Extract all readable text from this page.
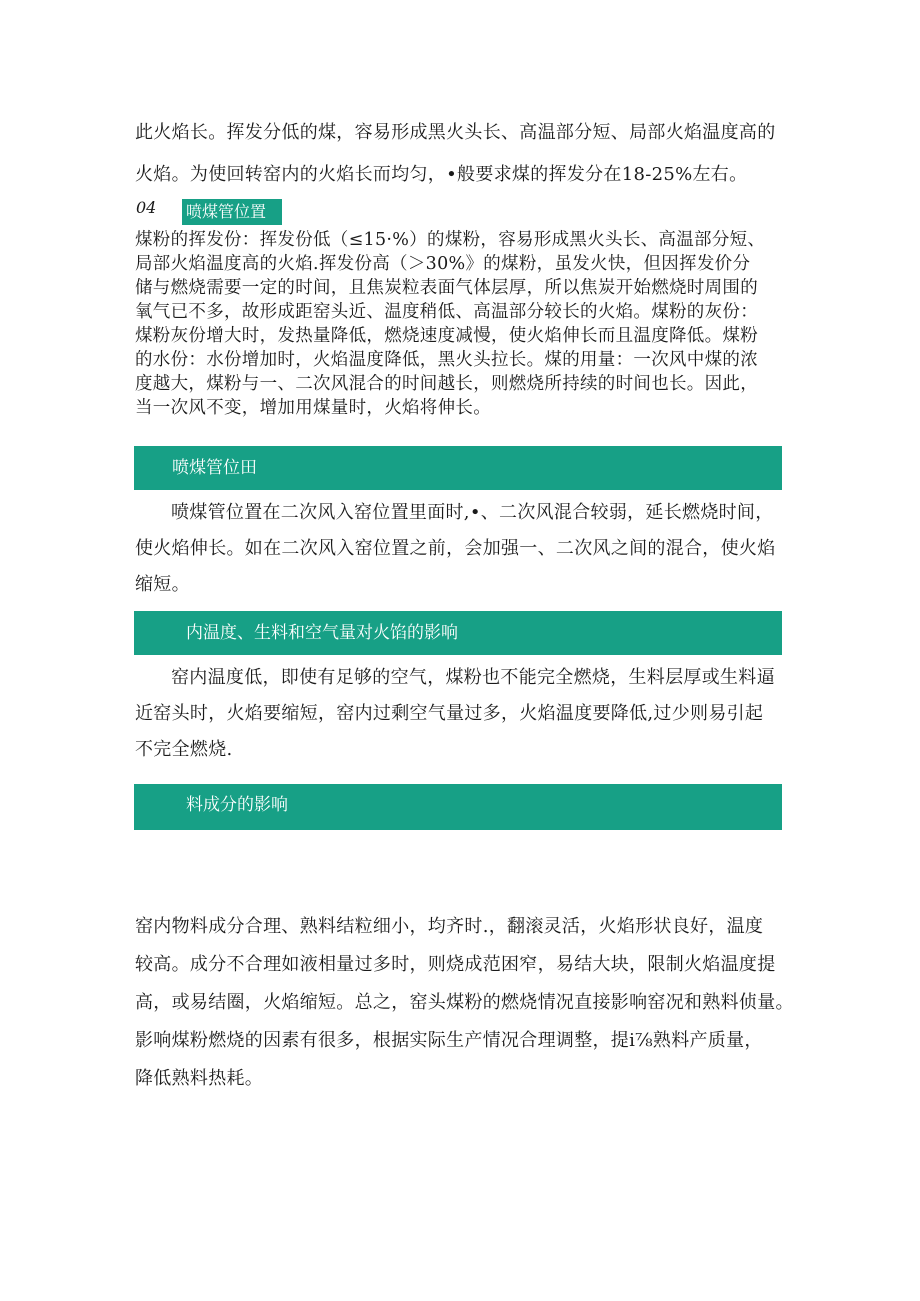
此火焰长。挥发分低的煤，容易形成黑火头长、高温部分短、局部火焰温度高的
火焰。为使回转窑内的火焰长而均匀，•般要求煤的挥发分在18-25%左右。

04 喷煤管位置

煤粉的挥发份：挥发份低（≤15·%）的煤粉，容易形成黑火头长、高温部分短、
局部火焰温度高的火焰.挥发份高（＞30%》的煤粉，虽发火快，但因挥发价分
储与燃烧需要一定的时间，且焦炭粒表面气体层厚，所以焦炭开始燃烧时周围的
氧气已不多，故形成距窑头近、温度稍低、高温部分较长的火焰。煤粉的灰份：
煤粉灰份增大时，发热量降低，燃烧速度减慢，使火焰伸长而且温度降低。煤粉
的水份：水份增加时，火焰温度降低，黑火头拉长。煤的用量：一次风中煤的浓
度越大，煤粉与一、二次风混合的时间越长，则燃烧所持续的时间也长。因此，
当一次风不变，增加用煤量时，火焰将伸长。

喷煤管位田

喷煤管位置在二次风入窑位置里面时,•、二次风混合较弱，延长燃烧时间，
使火焰伸长。如在二次风入窑位置之前，会加强一、二次风之间的混合，使火焰
缩短。

内温度、生料和空气量对火馅的影响

窑内温度低，即使有足够的空气，煤粉也不能完全燃烧，生料层厚或生料逼
近窑头时，火焰要缩短，窑内过剩空气量过多，火焰温度要降低,过少则易引起
不完全燃烧.

料成分的影响

窑内物料成分合理、熟料结粒细小，均齐时.，翻滚灵活，火焰形状良好，温度
较高。成分不合理如液相量过多时，则烧成范困窄，易结大块，限制火焰温度提
高，或易结圈，火焰缩短。总之，窑头煤粉的燃烧情况直接影响窑况和熟料侦量。
影响煤粉燃烧的因素有很多，根据实际生产情况合理调整，提i⅞熟料产质量，
降低熟料热耗。
